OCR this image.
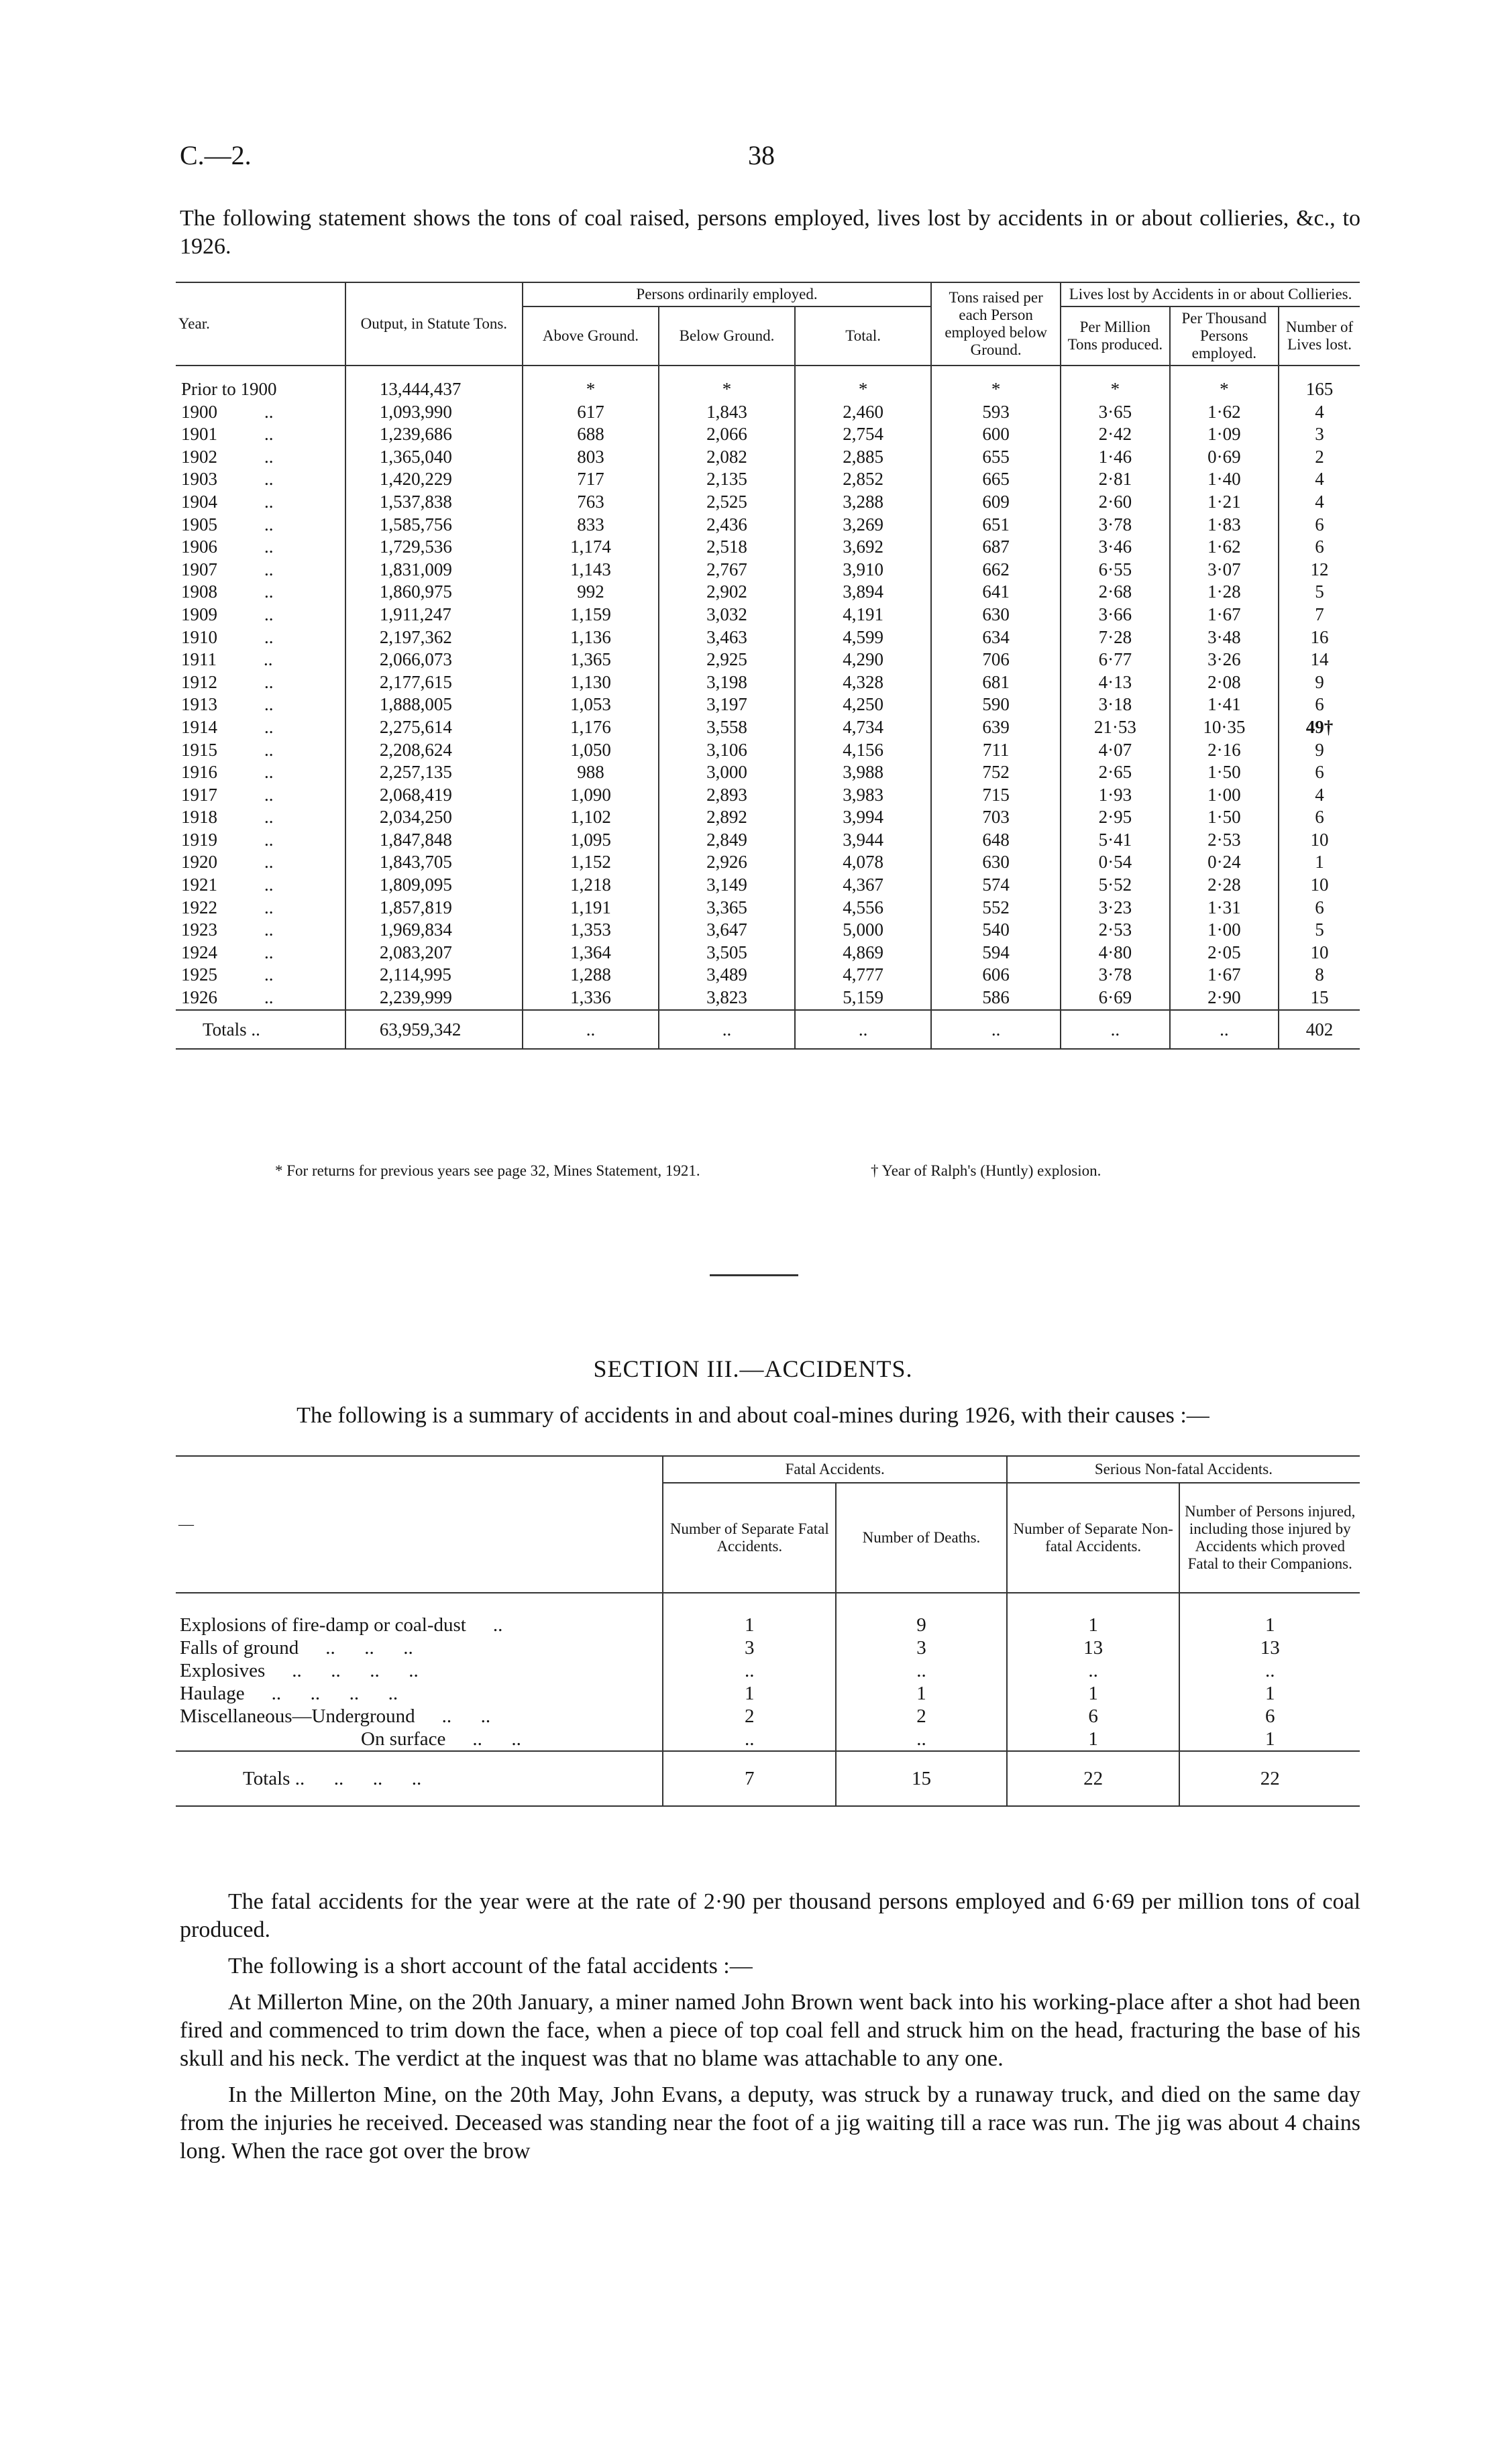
C.—2.	38
The following statement shows the tons of coal raised, persons employed, lives lost by accidents in or about collieries, &c., to 1926.
Year.	Output, in Statute Tons.	Persons ordinarily employed.			Tons raised per each Person employed below Ground.	Lives lost by Accidents in or about Collieries.		
		Above Ground.	Below Ground.	Total.		Per Million Tons produced.	Per Thousand Persons employed.	Number of Lives lost.

Prior to 1900	13,444,437	*	*	*	*	*	*	165
1900 ..	1,093,990	617	1,843	2,460	593	3·65	1·62	4
1901 ..	1,239,686	688	2,066	2,754	600	2·42	1·09	3
1902 ..	1,365,040	803	2,082	2,885	655	1·46	0·69	2
1903 ..	1,420,229	717	2,135	2,852	665	2·81	1·40	4
1904 ..	1,537,838	763	2,525	3,288	609	2·60	1·21	4
1905 ..	1,585,756	833	2,436	3,269	651	3·78	1·83	6
1906 ..	1,729,536	1,174	2,518	3,692	687	3·46	1·62	6
1907 ..	1,831,009	1,143	2,767	3,910	662	6·55	3·07	12
1908 ..	1,860,975	992	2,902	3,894	641	2·68	1·28	5
1909 ..	1,911,247	1,159	3,032	4,191	630	3·66	1·67	7
1910 ..	2,197,362	1,136	3,463	4,599	634	7·28	3·48	16
1911 ..	2,066,073	1,365	2,925	4,290	706	6·77	3·26	14
1912 ..	2,177,615	1,130	3,198	4,328	681	4·13	2·08	9
1913 ..	1,888,005	1,053	3,197	4,250	590	3·18	1·41	6
1914 ..	2,275,614	1,176	3,558	4,734	639	21·53	10·35	49†
1915 ..	2,208,624	1,050	3,106	4,156	711	4·07	2·16	9
1916 ..	2,257,135	988	3,000	3,988	752	2·65	1·50	6
1917 ..	2,068,419	1,090	2,893	3,983	715	1·93	1·00	4
1918 ..	2,034,250	1,102	2,892	3,994	703	2·95	1·50	6
1919 ..	1,847,848	1,095	2,849	3,944	648	5·41	2·53	10
1920 ..	1,843,705	1,152	2,926	4,078	630	0·54	0·24	1
1921 ..	1,809,095	1,218	3,149	4,367	574	5·52	2·28	10
1922 ..	1,857,819	1,191	3,365	4,556	552	3·23	1·31	6
1923 ..	1,969,834	1,353	3,647	5,000	540	2·53	1·00	5
1924 ..	2,083,207	1,364	3,505	4,869	594	4·80	2·05	10
1925 ..	2,114,995	1,288	3,489	4,777	606	3·78	1·67	8
1926 ..	2,239,999	1,336	3,823	5,159	586	6·69	2·90	15
Totals ..	63,959,342	..	..	..	..	..	..	402
* For returns for previous years see page 32, Mines Statement, 1921.	† Year of Ralph's (Huntly) explosion.
SECTION III.—ACCIDENTS.
The following is a summary of accidents in and about coal-mines during 1926, with their causes :—
—	Fatal Accidents.		Serious Non-fatal Accidents.	
	Number of Separate Fatal Accidents.	Number of Deaths.	Number of Separate Non-fatal Accidents.	Number of Persons injured, including those injured by Accidents which proved Fatal to their Companions.

Explosions of fire-damp or coal-dust ..	1	9	1	1
Falls of ground ..      ..      ..	3	3	13	13
Explosives ..      ..      ..      ..	..	..	..	..
Haulage ..      ..      ..      ..	1	1	1	1
Miscellaneous—Underground ..      ..	2	2	6	6
On surface ..      ..	..	..	1	1
Totals ..      ..      ..      ..	7	15	22	22

The fatal accidents for the year were at the rate of 2·90 per thousand persons employed and 6·69 per million tons of coal produced.

The following is a short account of the fatal accidents :—

At Millerton Mine, on the 20th January, a miner named John Brown went back into his working-place after a shot had been fired and commenced to trim down the face, when a piece of top coal fell and struck him on the head, fracturing the base of his skull and his neck. The verdict at the inquest was that no blame was attachable to any one.

In the Millerton Mine, on the 20th May, John Evans, a deputy, was struck by a runaway truck, and died on the same day from the injuries he received. Deceased was standing near the foot of a jig waiting till a race was run. The jig was about 4 chains long. When the race got over the brow
